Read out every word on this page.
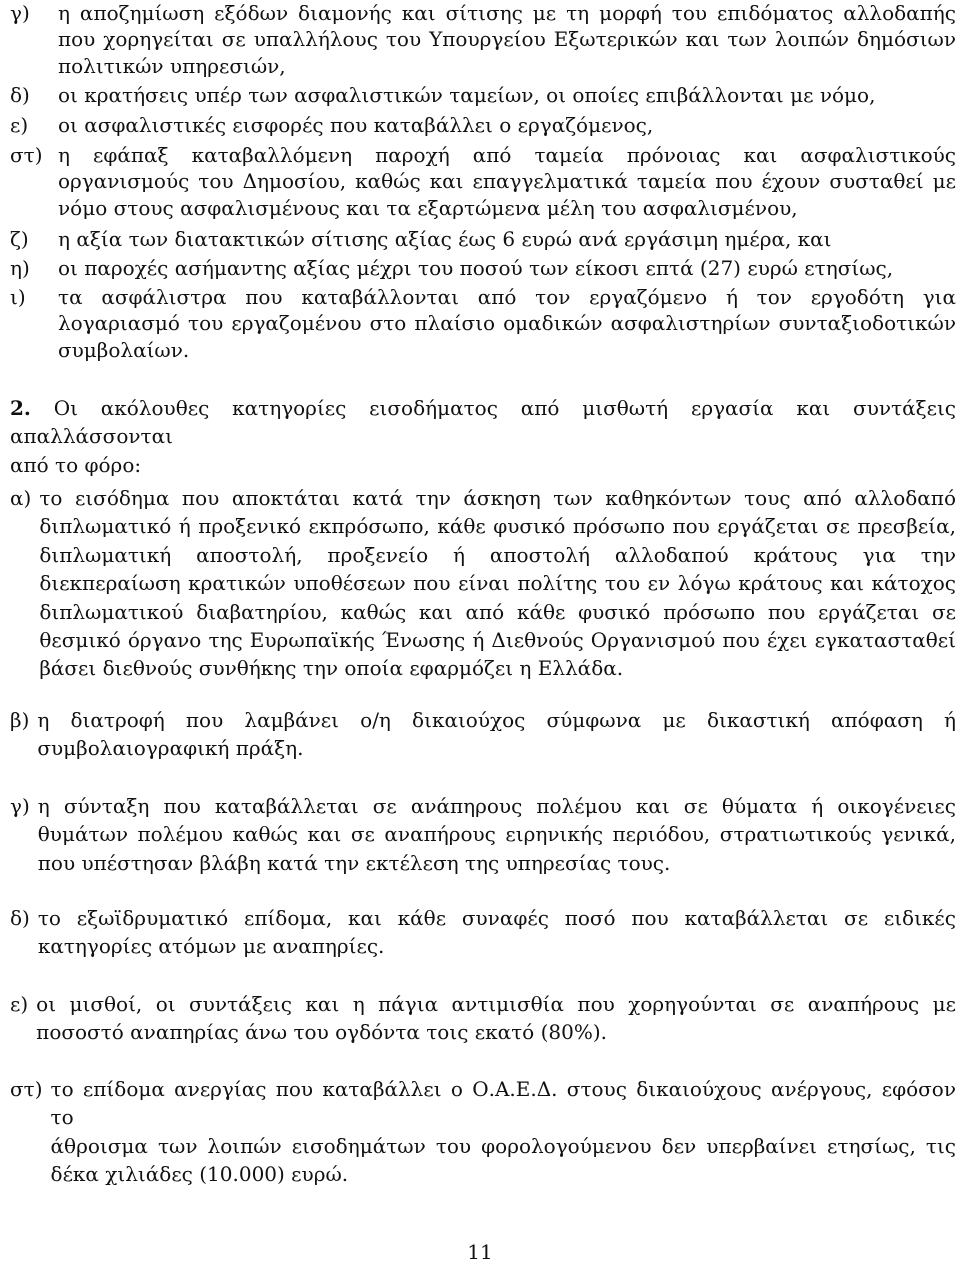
γ)	η αποζημίωση εξόδων διαμονής και σίτισης με τη μορφή του επιδόματος αλλοδαπής
που χορηγείται σε υπαλλήλους του Υπουργείου Εξωτερικών και των λοιπών δημόσιων
πολιτικών υπηρεσιών,
δ)	οι κρατήσεις υπέρ των ασφαλιστικών ταμείων, οι οποίες επιβάλλονται με νόμο,
ε)	οι ασφαλιστικές εισφορές που καταβάλλει ο εργαζόμενος,
στ) η εφάπαξ καταβαλλόμενη παροχή από ταμεία πρόνοιας και ασφαλιστικούς
οργανισμούς του Δημοσίου, καθώς και επαγγελματικά ταμεία που έχουν συσταθεί με
νόμο στους ασφαλισμένους και τα εξαρτώμενα μέλη του ασφαλισμένου,
ζ)	η αξία των διατακτικών σίτισης αξίας έως 6 ευρώ ανά εργάσιμη ημέρα, και
η)	οι παροχές ασήμαντης αξίας μέχρι του ποσού των είκοσι επτά (27) ευρώ ετησίως,
ι)	τα ασφάλιστρα που καταβάλλονται από τον εργαζόμενο ή τον εργοδότη για
λογαριασμό του εργαζομένου στο πλαίσιο ομαδικών ασφαλιστηρίων συνταξιοδοτικών
συμβολαίων.
2. Οι ακόλουθες κατηγορίες εισοδήματος από μισθωτή εργασία και συντάξεις απαλλάσσονται
από το φόρο:
α) το εισόδημα που αποκτάται κατά την άσκηση των καθηκόντων τους από αλλοδαπό
διπλωματικό ή προξενικό εκπρόσωπο, κάθε φυσικό πρόσωπο που εργάζεται σε πρεσβεία,
διπλωματική αποστολή, προξενείο ή αποστολή αλλοδαπού κράτους για την
διεκπεραίωση κρατικών υποθέσεων που είναι πολίτης του εν λόγω κράτους και κάτοχος
διπλωματικού διαβατηρίου, καθώς και από κάθε φυσικό πρόσωπο που εργάζεται σε
θεσμικό όργανο της Ευρωπαϊκής Ένωσης ή Διεθνούς Οργανισμού που έχει εγκατασταθεί
βάσει διεθνούς συνθήκης την οποία εφαρμόζει η Ελλάδα.
β) η διατροφή που λαμβάνει ο/η δικαιούχος σύμφωνα με δικαστική απόφαση ή
συμβολαιογραφική πράξη.
γ) η σύνταξη που καταβάλλεται σε ανάπηρους πολέμου και σε θύματα ή οικογένειες
θυμάτων πολέμου καθώς και σε αναπήρους ειρηνικής περιόδου, στρατιωτικούς γενικά,
που υπέστησαν βλάβη κατά την εκτέλεση της υπηρεσίας τους.
δ) το εξωϊδρυματικό επίδομα, και κάθε συναφές ποσό που καταβάλλεται σε ειδικές
κατηγορίες ατόμων με αναπηρίες.
ε) οι μισθοί, οι συντάξεις και η πάγια αντιμισθία που χορηγούνται σε αναπήρους με
ποσοστό αναπηρίας άνω του ογδόντα τοις εκατό (80%).
στ) το επίδομα ανεργίας που καταβάλλει ο Ο.Α.Ε.Δ. στους δικαιούχους ανέργους, εφόσον το
άθροισμα των λοιπών εισοδημάτων του φορολογούμενου δεν υπερβαίνει ετησίως, τις
δέκα χιλιάδες (10.000) ευρώ.
11
